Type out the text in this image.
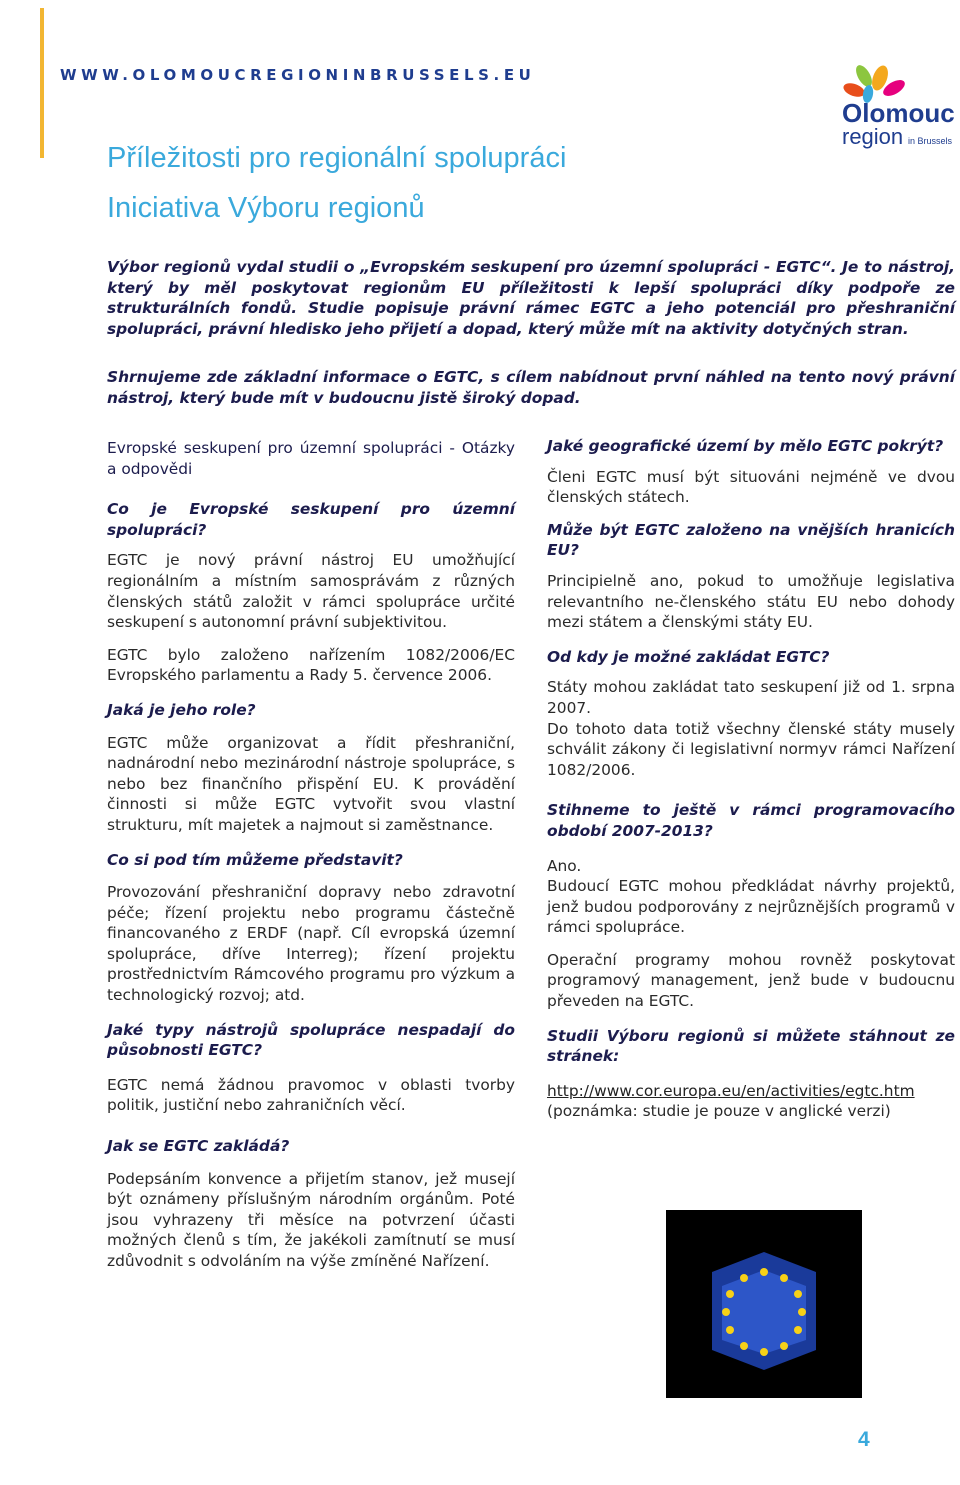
WWW.OLOMOUCREGIONINBRUSSELS.EU
Olomouc
region in Brussels
Příležitosti pro regionální spolupráci
Iniciativa Výboru regionů

Výbor regionů vydal studii o „Evropském seskupení pro územní spolupráci - EGTC“. Je to nástroj, který by měl poskytovat regionům EU příležitosti k lepší spolupráci díky podpoře ze strukturálních fondů. Studie popisuje právní rámec EGTC a jeho potenciál pro přeshraniční spolupráci, právní hledisko jeho přijetí a dopad, který může mít na aktivity dotyčných stran.

Shrnujeme zde základní informace o EGTC, s cílem nabídnout první náhled na tento nový právní nástroj, který bude mít v budoucnu jistě široký dopad.

Evropské seskupení pro územní spolupráci - Otázky a odpovědi

Co je Evropské seskupení pro územní spolupráci?

EGTC je nový právní nástroj EU umožňující regionálním a místním samosprávám z různých členských států založit v rámci spolupráce určité seskupení s autonomní právní subjektivitou.

EGTC bylo založeno nařízením 1082/2006/EC Evropského parlamentu a Rady 5. července 2006.

Jaká je jeho role?

EGTC může organizovat a řídit přeshraniční, nadnárodní nebo mezinárodní nástroje spolupráce, s nebo bez finančního přispění EU. K provádění činnosti si může EGTC vytvořit svou vlastní strukturu, mít majetek a najmout si zaměstnance.

Co si pod tím můžeme představit?

Provozování přeshraniční dopravy nebo zdravotní péče; řízení projektu nebo programu částečně financovaného z ERDF (např. Cíl evropská územní spolupráce, dříve Interreg); řízení projektu prostřednictvím Rámcového programu pro výzkum a technologický rozvoj; atd.

Jaké typy nástrojů spolupráce nespadají do působnosti EGTC?

EGTC nemá žádnou pravomoc v oblasti tvorby politik, justiční nebo zahraničních věcí.

Jak se EGTC zakládá?

Podepsáním konvence a přijetím stanov, jež musejí být oznámeny příslušným národním orgánům. Poté jsou vyhrazeny tři měsíce na potvrzení účasti možných členů s tím, že jakékoli zamítnutí se musí zdůvodnit s odvoláním na výše zmíněné Nařízení.

Jaké geografické území by mělo EGTC pokrýt?

Členi EGTC musí být situováni nejméně ve dvou členských státech.

Může být EGTC založeno na vnějších hranicích EU?

Principielně ano, pokud to umožňuje legislativa relevantního ne-členského státu EU nebo dohody mezi státem a členskými státy EU.

Od kdy je možné zakládat EGTC?

Státy mohou zakládat tato seskupení již od 1. srpna 2007.

Do tohoto data totiž všechny členské státy musely schválit zákony či legislativní normyv rámci Nařízení 1082/2006.

Stihneme to ještě v rámci programovacího období 2007-2013?

Ano.

Budoucí EGTC mohou předkládat návrhy projektů, jenž budou podporovány z nejrůznějších programů v rámci spolupráce.

Operační programy mohou rovněž poskytovat programový management, jenž bude v budoucnu převeden na EGTC.

Studii Výboru regionů si můžete stáhnout ze stránek:

http://www.cor.europa.eu/en/activities/egtc.htm

(poznámka: studie je pouze v anglické verzi)

4
